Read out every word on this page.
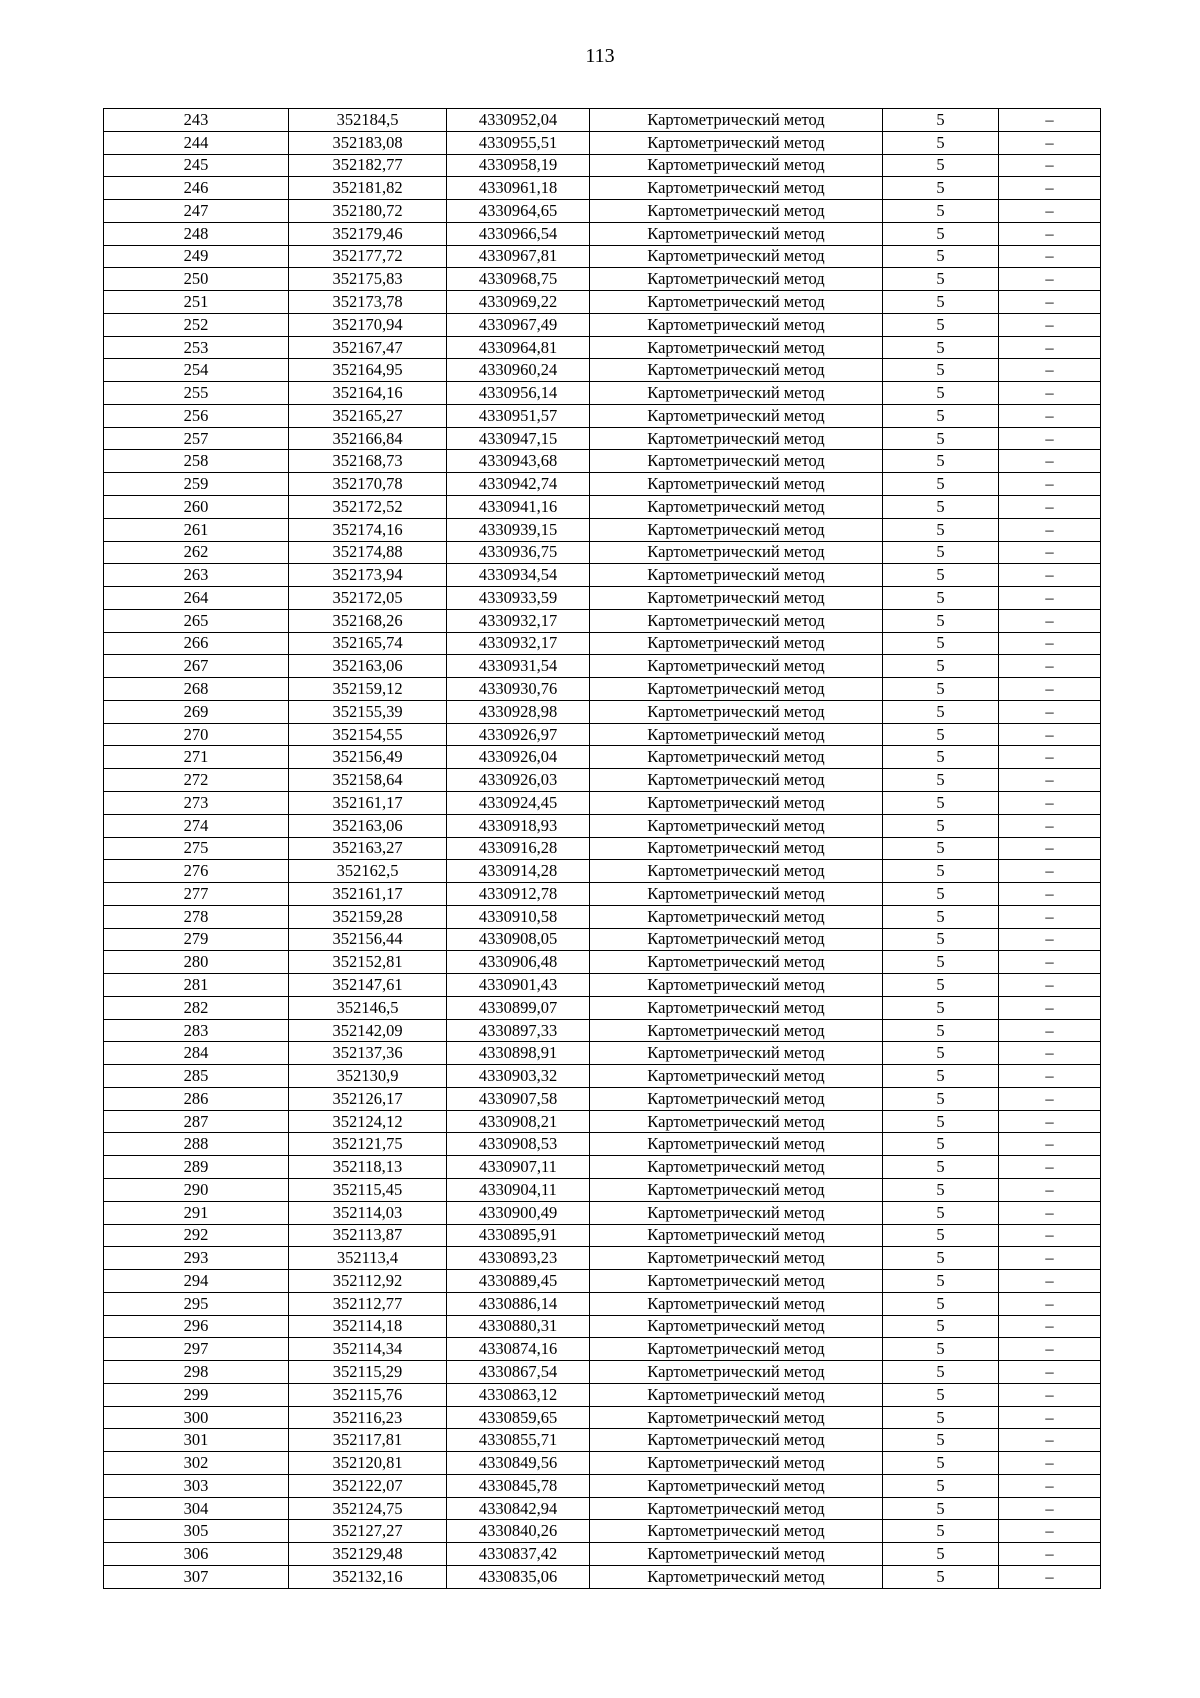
113
243	352184,5	4330952,04	Картометрический метод	5	–
244	352183,08	4330955,51	Картометрический метод	5	–
245	352182,77	4330958,19	Картометрический метод	5	–
246	352181,82	4330961,18	Картометрический метод	5	–
247	352180,72	4330964,65	Картометрический метод	5	–
248	352179,46	4330966,54	Картометрический метод	5	–
249	352177,72	4330967,81	Картометрический метод	5	–
250	352175,83	4330968,75	Картометрический метод	5	–
251	352173,78	4330969,22	Картометрический метод	5	–
252	352170,94	4330967,49	Картометрический метод	5	–
253	352167,47	4330964,81	Картометрический метод	5	–
254	352164,95	4330960,24	Картометрический метод	5	–
255	352164,16	4330956,14	Картометрический метод	5	–
256	352165,27	4330951,57	Картометрический метод	5	–
257	352166,84	4330947,15	Картометрический метод	5	–
258	352168,73	4330943,68	Картометрический метод	5	–
259	352170,78	4330942,74	Картометрический метод	5	–
260	352172,52	4330941,16	Картометрический метод	5	–
261	352174,16	4330939,15	Картометрический метод	5	–
262	352174,88	4330936,75	Картометрический метод	5	–
263	352173,94	4330934,54	Картометрический метод	5	–
264	352172,05	4330933,59	Картометрический метод	5	–
265	352168,26	4330932,17	Картометрический метод	5	–
266	352165,74	4330932,17	Картометрический метод	5	–
267	352163,06	4330931,54	Картометрический метод	5	–
268	352159,12	4330930,76	Картометрический метод	5	–
269	352155,39	4330928,98	Картометрический метод	5	–
270	352154,55	4330926,97	Картометрический метод	5	–
271	352156,49	4330926,04	Картометрический метод	5	–
272	352158,64	4330926,03	Картометрический метод	5	–
273	352161,17	4330924,45	Картометрический метод	5	–
274	352163,06	4330918,93	Картометрический метод	5	–
275	352163,27	4330916,28	Картометрический метод	5	–
276	352162,5	4330914,28	Картометрический метод	5	–
277	352161,17	4330912,78	Картометрический метод	5	–
278	352159,28	4330910,58	Картометрический метод	5	–
279	352156,44	4330908,05	Картометрический метод	5	–
280	352152,81	4330906,48	Картометрический метод	5	–
281	352147,61	4330901,43	Картометрический метод	5	–
282	352146,5	4330899,07	Картометрический метод	5	–
283	352142,09	4330897,33	Картометрический метод	5	–
284	352137,36	4330898,91	Картометрический метод	5	–
285	352130,9	4330903,32	Картометрический метод	5	–
286	352126,17	4330907,58	Картометрический метод	5	–
287	352124,12	4330908,21	Картометрический метод	5	–
288	352121,75	4330908,53	Картометрический метод	5	–
289	352118,13	4330907,11	Картометрический метод	5	–
290	352115,45	4330904,11	Картометрический метод	5	–
291	352114,03	4330900,49	Картометрический метод	5	–
292	352113,87	4330895,91	Картометрический метод	5	–
293	352113,4	4330893,23	Картометрический метод	5	–
294	352112,92	4330889,45	Картометрический метод	5	–
295	352112,77	4330886,14	Картометрический метод	5	–
296	352114,18	4330880,31	Картометрический метод	5	–
297	352114,34	4330874,16	Картометрический метод	5	–
298	352115,29	4330867,54	Картометрический метод	5	–
299	352115,76	4330863,12	Картометрический метод	5	–
300	352116,23	4330859,65	Картометрический метод	5	–
301	352117,81	4330855,71	Картометрический метод	5	–
302	352120,81	4330849,56	Картометрический метод	5	–
303	352122,07	4330845,78	Картометрический метод	5	–
304	352124,75	4330842,94	Картометрический метод	5	–
305	352127,27	4330840,26	Картометрический метод	5	–
306	352129,48	4330837,42	Картометрический метод	5	–
307	352132,16	4330835,06	Картометрический метод	5	–
